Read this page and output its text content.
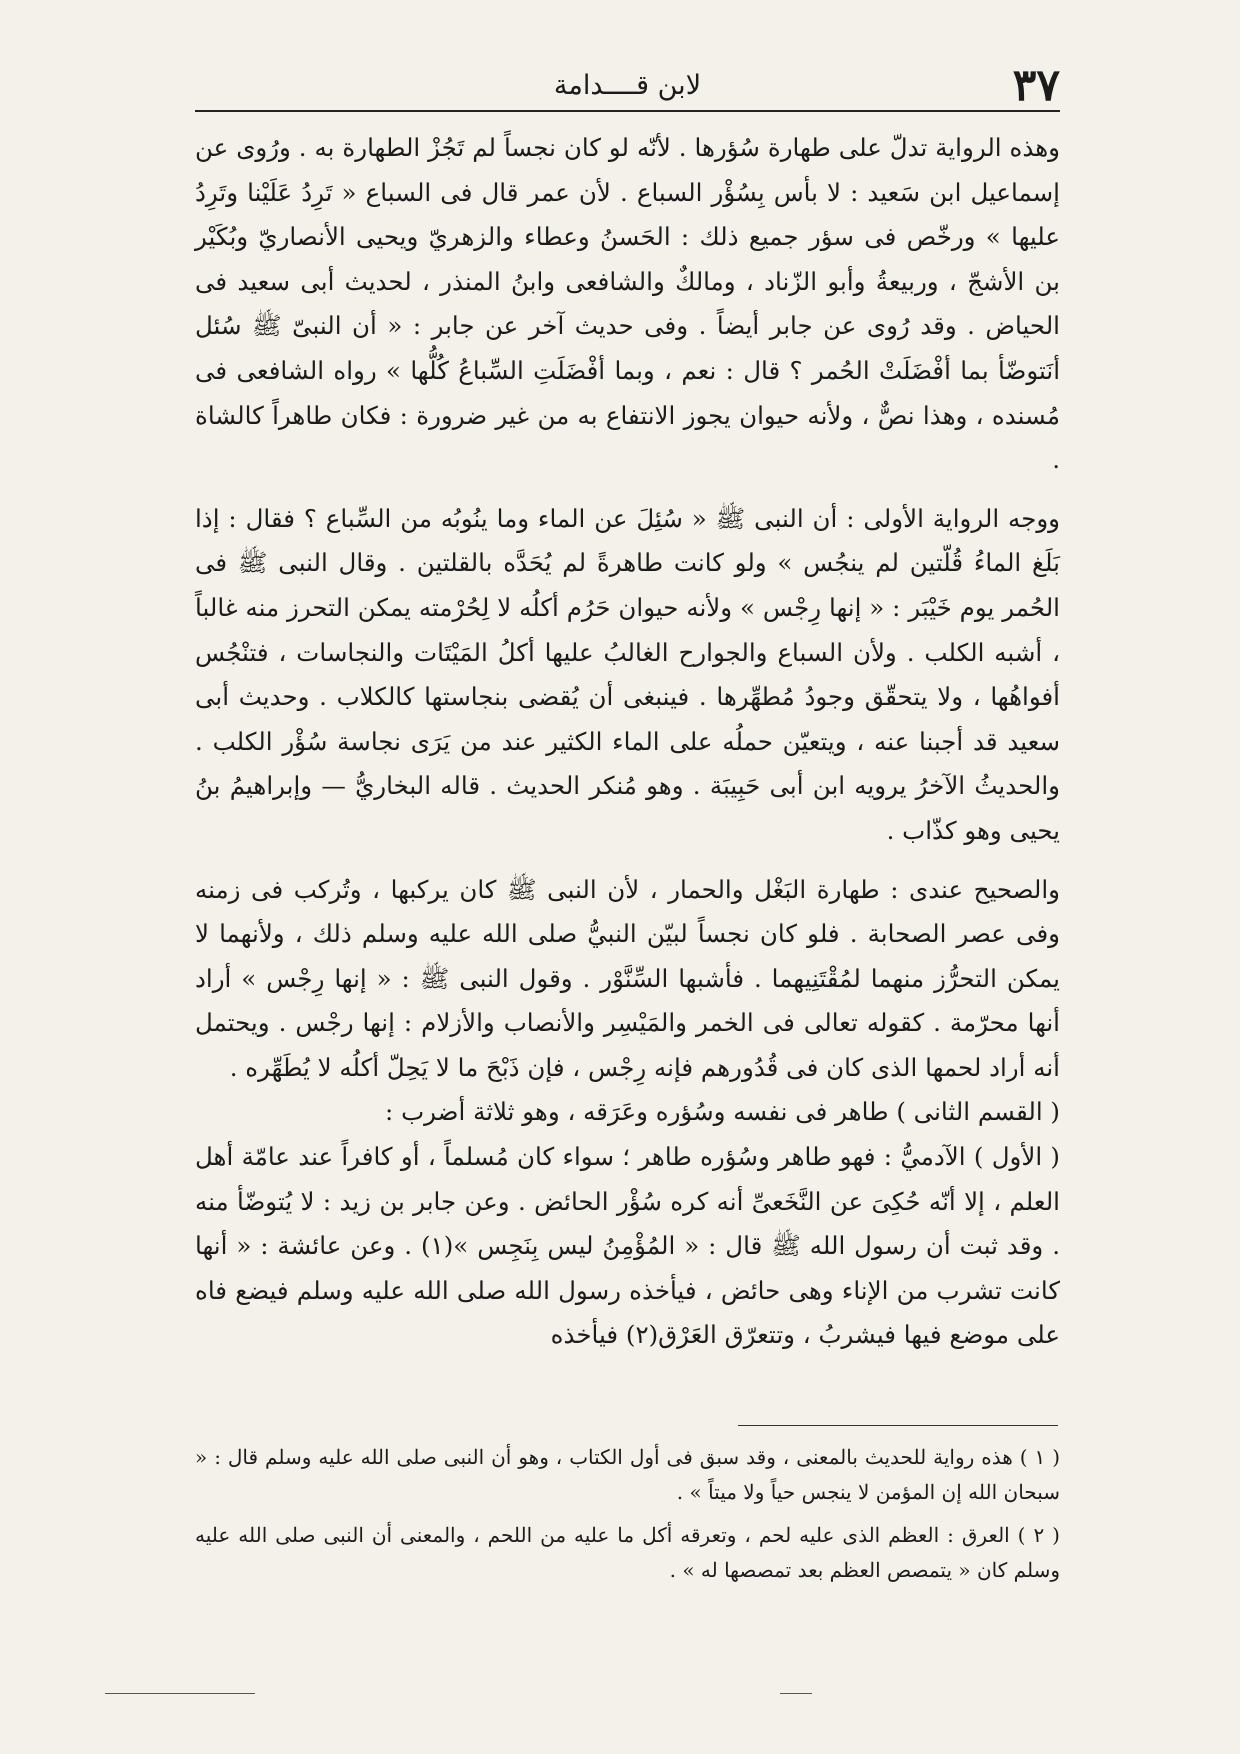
٣٧
لابن قــــدامة

وهذه الرواية تدلّ على طهارة سُؤرها . لأنّه لو كان نجساً لم تَجُزْ الطهارة به . ورُوى عن إسماعيل ابن سَعيد : لا بأس بِسُؤْر السباع . لأن عمر قال فى السباع « تَرِدُ عَلَيْنا وتَرِدُ عليها » ورخّص فى سؤر جميع ذلك : الحَسنُ وعطاء والزهريّ ويحيى الأنصاريّ وبُكَيْر بن الأشجّ ، وربيعةُ وأبو الزّناد ، ومالكٌ والشافعى وابنُ المنذر ، لحديث أبى سعيد فى الحياض . وقد رُوى عن جابر أيضاً . وفى حديث آخر عن جابر : « أن النبىّ ﷺ سُئل أنَتوضّأ بما أفْضَلَتْ الحُمر ؟ قال : نعم ، وبما أفْضَلَتِ السِّباعُ كُلُّها » رواه الشافعى فى مُسنده ، وهذا نصٌّ ، ولأنه حيوان يجوز الانتفاع به من غير ضرورة : فكان طاهراً كالشاة .

ووجه الرواية الأولى : أن النبى ﷺ « سُئِلَ عن الماء وما ينُوبُه من السِّباع ؟ فقال : إذا بَلَغ الماءُ قُلّتين لم ينجُس » ولو كانت طاهرةً لم يُحَدَّه بالقلتين . وقال النبى ﷺ فى الحُمر يوم خَيْبَر : « إنها رِجْس » ولأنه حيوان حَرُم أكلُه لا لِحُرْمته يمكن التحرز منه غالباً ، أشبه الكلب . ولأن السباع والجوارح الغالبُ عليها أكلُ المَيْتَات والنجاسات ، فتنْجُس أفواهُها ، ولا يتحقّق وجودُ مُطهِّرها . فينبغى أن يُقضى بنجاستها كالكلاب . وحديث أبى سعيد قد أجبنا عنه ، ويتعيّن حملُه على الماء الكثير عند من يَرَى نجاسة سُؤْر الكلب . والحديثُ الآخرُ يرويه ابن أبى حَبِيبَة . وهو مُنكر الحديث . قاله البخاريُّ — وإبراهيمُ بنُ يحيى وهو كذّاب .

والصحيح عندى : طهارة البَغْل والحمار ، لأن النبى ﷺ كان يركبها ، وتُركب فى زمنه وفى عصر الصحابة . فلو كان نجساً لبيّن النبيُّ صلى الله عليه وسلم ذلك ، ولأنهما لا يمكن التحرُّز منهما لمُقْتَنِيهما . فأشبها السِّنَّوْر . وقول النبى ﷺ : « إنها رِجْس » أراد أنها محرّمة . كقوله تعالى فى الخمر والمَيْسِر والأنصاب والأزلام : إنها رجْس . ويحتمل أنه أراد لحمها الذى كان فى قُدُورهم فإنه رِجْس ، فإن ذَبْحَ ما لا يَحِلّ أكلُه لا يُطَهِّره .

( القسم الثانى ) طاهر فى نفسه وسُؤره وعَرَقه ، وهو ثلاثة أضرب :

( الأول ) الآدميُّ : فهو طاهر وسُؤره طاهر ؛ سواء كان مُسلماً ، أو كافراً عند عامّة أهل العلم ، إلا أنّه حُكِىَ عن النَّخَعىِّ أنه كره سُؤْر الحائض . وعن جابر بن زيد : لا يُتوضّأ منه . وقد ثبت أن رسول الله ﷺ قال : « المُؤْمِنُ ليس بِنَجِس »(١) . وعن عائشة : « أنها كانت تشرب من الإناء وهى حائض ، فيأخذه رسول الله صلى الله عليه وسلم فيضع فاه على موضع فيها فيشربُ ، وتتعرّق العَرْق(٢) فيأخذه

( ١ ) هذه رواية للحديث بالمعنى ، وقد سبق فى أول الكتاب ، وهو أن النبى صلى الله عليه وسلم قال : « سبحان الله إن المؤمن لا ينجس حياً ولا ميتاً » .

( ٢ ) العرق : العظم الذى عليه لحم ، وتعرقه أكل ما عليه من اللحم ، والمعنى أن النبى صلى الله عليه وسلم كان « يتمصص العظم بعد تمصصها له » .
